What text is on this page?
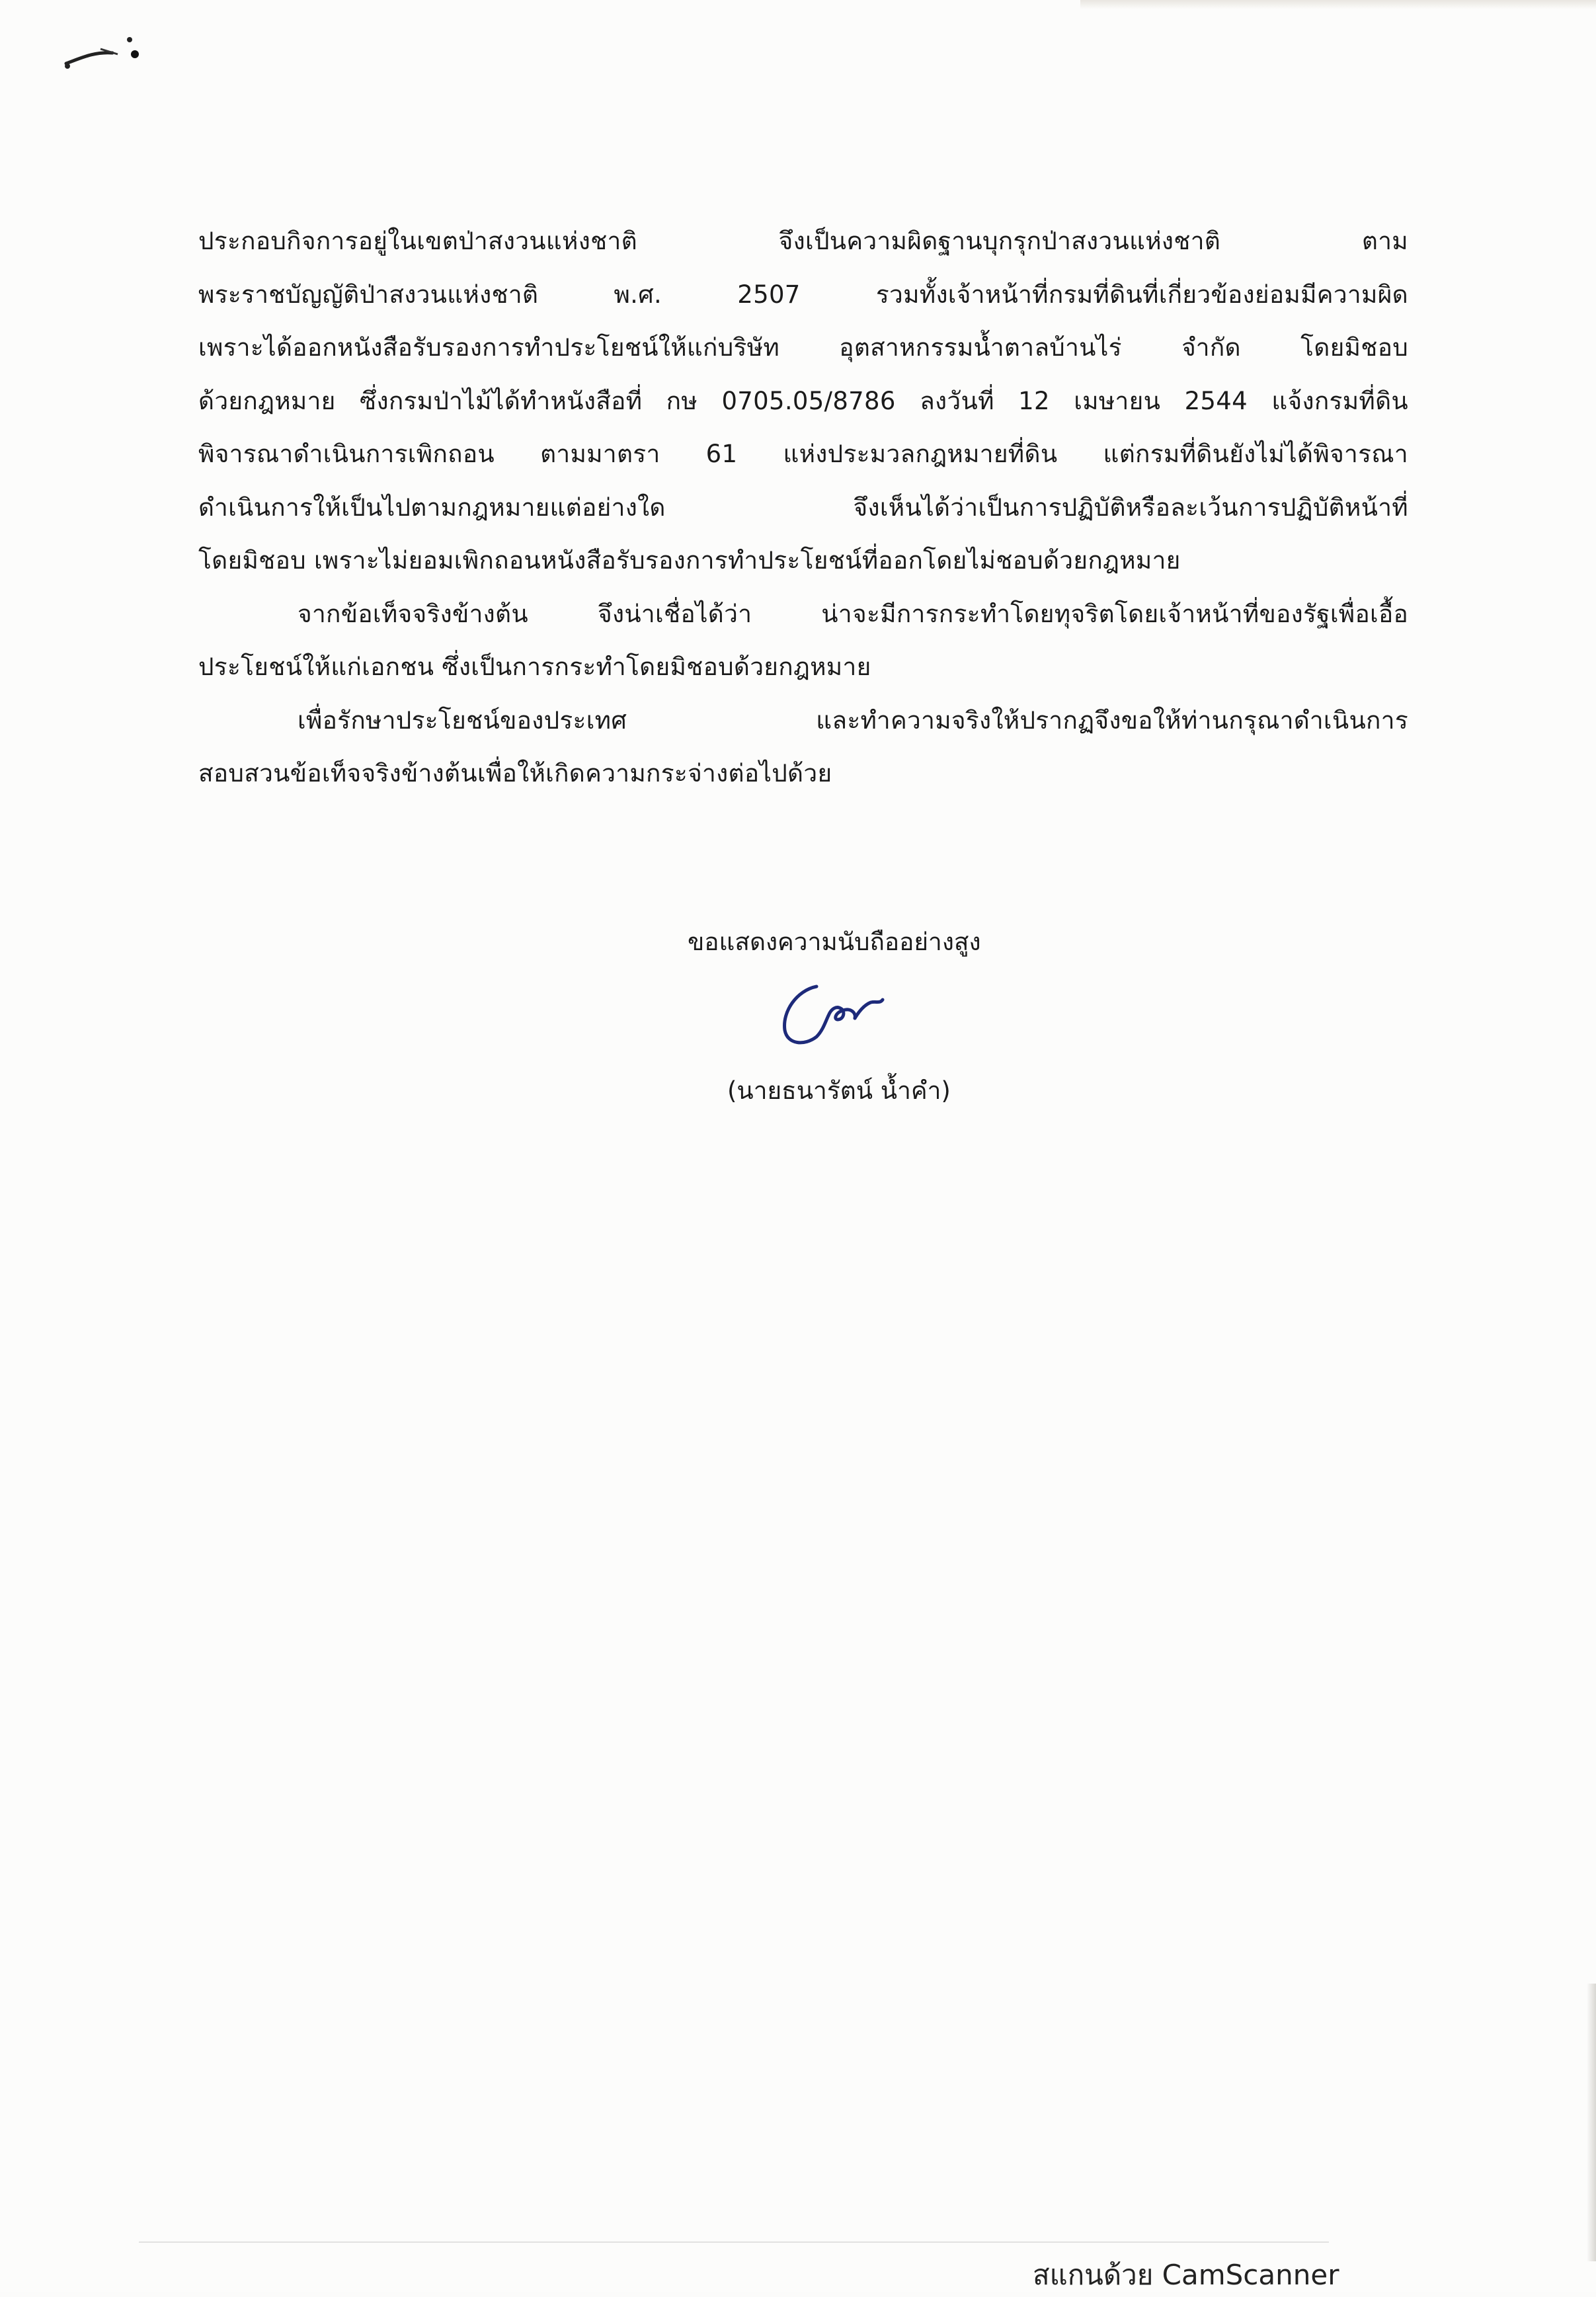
ประกอบกิจการอยู่ในเขตป่าสงวนแห่งชาติ จึงเป็นความผิดฐานบุกรุกป่าสงวนแห่งชาติ ตาม
พระราชบัญญัติป่าสงวนแห่งชาติ พ.ศ. 2507 รวมทั้งเจ้าหน้าที่กรมที่ดินที่เกี่ยวข้องย่อมมีความผิด
เพราะได้ออกหนังสือรับรองการทำประโยชน์ให้แก่บริษัท อุตสาหกรรมน้ำตาลบ้านไร่ จำกัด โดยมิชอบ
ด้วยกฎหมาย ซึ่งกรมป่าไม้ได้ทำหนังสือที่ กษ 0705.05/8786 ลงวันที่ 12 เมษายน 2544 แจ้งกรมที่ดิน
พิจารณาดำเนินการเพิกถอน ตามมาตรา 61 แห่งประมวลกฎหมายที่ดิน แต่กรมที่ดินยังไม่ได้พิจารณา
ดำเนินการให้เป็นไปตามกฎหมายแต่อย่างใด จึงเห็นได้ว่าเป็นการปฏิบัติหรือละเว้นการปฏิบัติหน้าที่
โดยมิชอบ เพราะไม่ยอมเพิกถอนหนังสือรับรองการทำประโยชน์ที่ออกโดยไม่ชอบด้วยกฎหมาย
จากข้อเท็จจริงข้างต้น จึงน่าเชื่อได้ว่า น่าจะมีการกระทำโดยทุจริตโดยเจ้าหน้าที่ของรัฐเพื่อเอื้อ
ประโยชน์ให้แก่เอกชน ซึ่งเป็นการกระทำโดยมิชอบด้วยกฎหมาย
เพื่อรักษาประโยชน์ของประเทศ และทำความจริงให้ปรากฏจึงขอให้ท่านกรุณาดำเนินการ
สอบสวนข้อเท็จจริงข้างต้นเพื่อให้เกิดความกระจ่างต่อไปด้วย
ขอแสดงความนับถืออย่างสูง
(นายธนารัตน์ น้ำคำ)
สแกนด้วย CamScanner
